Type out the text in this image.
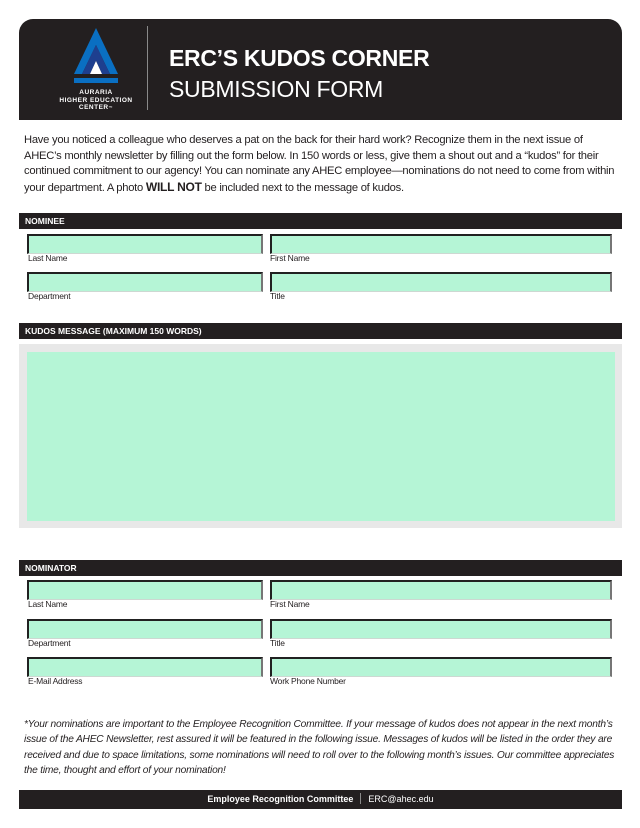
AURARIA
HIGHER EDUCATION
CENTER™
ERC’S KUDOS CORNER
SUBMISSION FORM

Have you noticed a colleague who deserves a pat on the back for their hard work? Recognize them in the next issue of AHEC’s monthly newsletter by filling out the form below. In 150 words or less, give them a shout out and a “kudos” for their continued commitment to our agency! You can nominate any AHEC employee—nominations do not need to come from within your department. A photo WILL NOT be included next to the message of kudos.

NOMINEE
Last Name	First Name
Department	Title
KUDOS MESSAGE (MAXIMUM 150 WORDS)
NOMINATOR
Last Name	First Name
Department	Title
E-Mail Address	Work Phone Number

*Your nominations are important to the Employee Recognition Committee. If your message of kudos does not appear in the next month’s issue of the AHEC Newsletter, rest assured it will be featured in the following issue. Messages of kudos will be listed in the order they are received and due to space limitations, some nominations will need to roll over to the following month’s issues. Our committee appreciates the time, thought and effort of your nomination!

Employee Recognition Committee ERC@ahec.edu
